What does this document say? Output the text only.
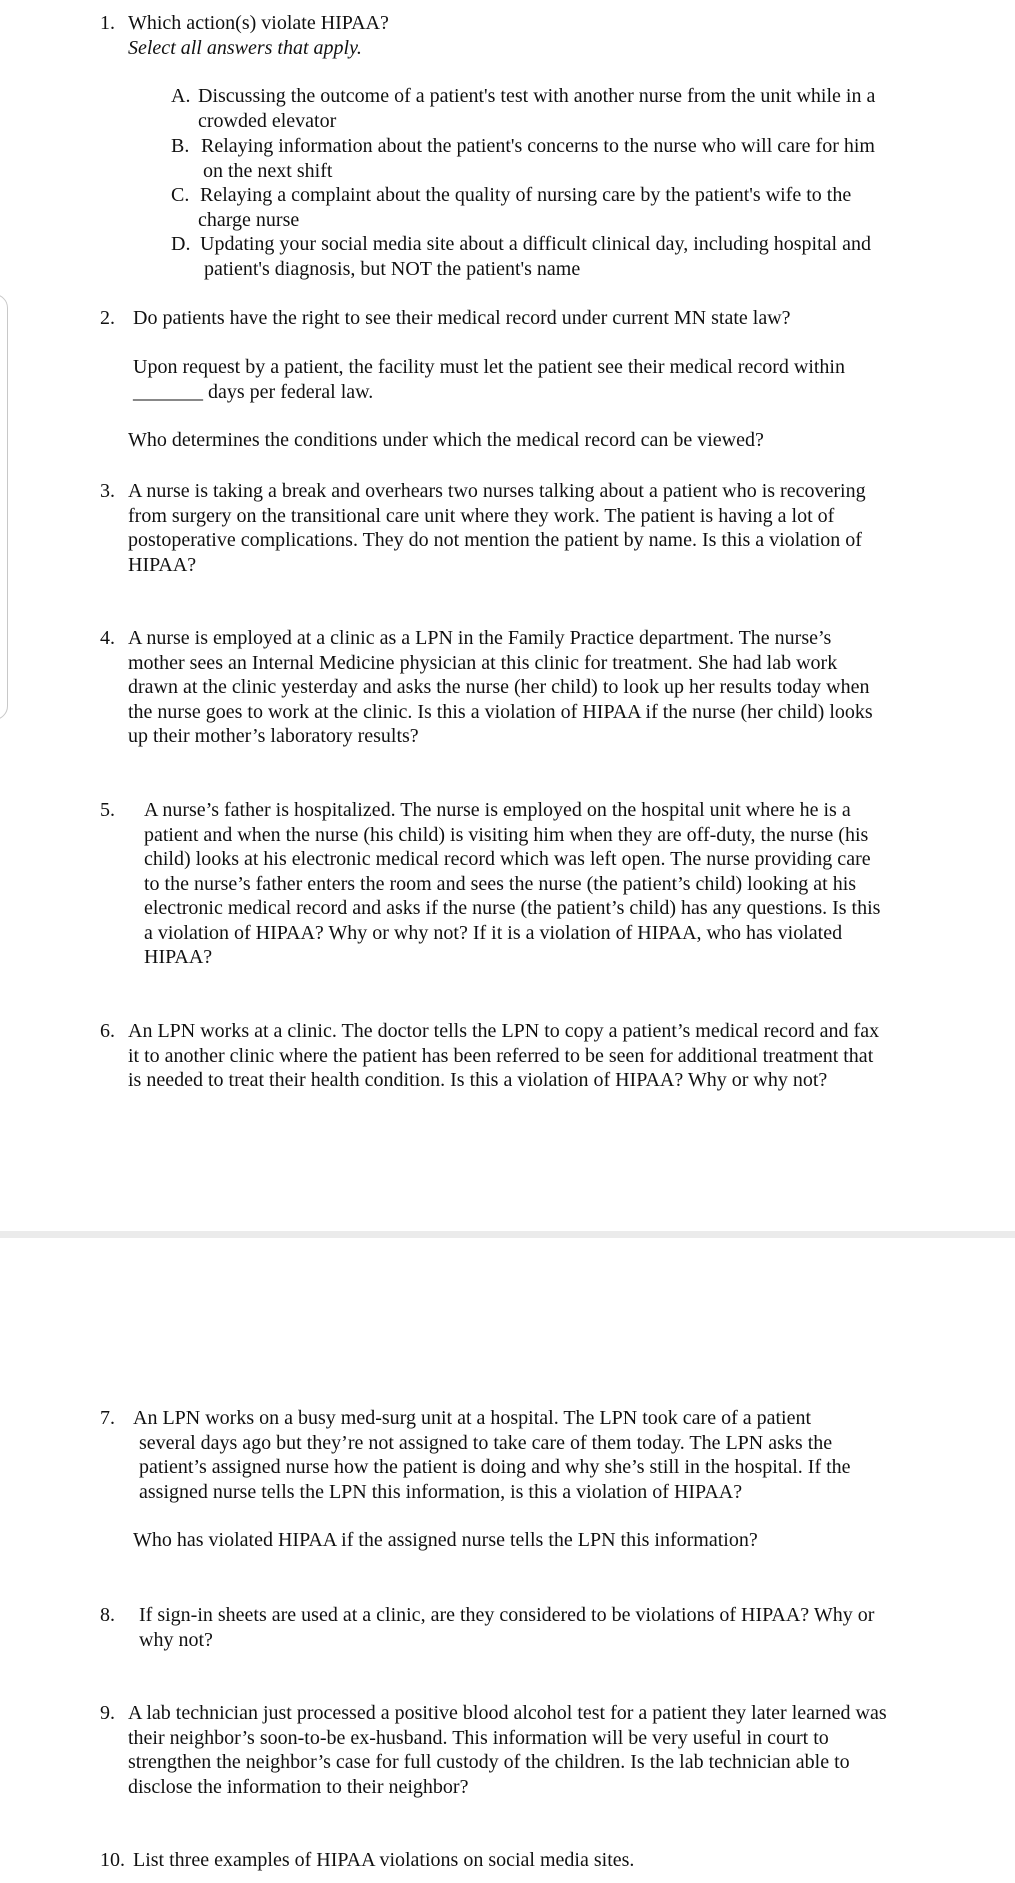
1. Which action(s) violate HIPAA?
Select all answers that apply.
A. Discussing the outcome of a patient's test with another nurse from the unit while in a
crowded elevator
B. Relaying information about the patient's concerns to the nurse who will care for him
on the next shift
C. Relaying a complaint about the quality of nursing care by the patient's wife to the
charge nurse
D. Updating your social media site about a difficult clinical day, including hospital and
patient's diagnosis, but NOT the patient's name
2. Do patients have the right to see their medical record under current MN state law?
Upon request by a patient, the facility must let the patient see their medical record within
_______ days per federal law.
Who determines the conditions under which the medical record can be viewed?
3. A nurse is taking a break and overhears two nurses talking about a patient who is recovering
from surgery on the transitional care unit where they work. The patient is having a lot of
postoperative complications. They do not mention the patient by name. Is this a violation of
HIPAA?
4. A nurse is employed at a clinic as a LPN in the Family Practice department. The nurse’s
mother sees an Internal Medicine physician at this clinic for treatment. She had lab work
drawn at the clinic yesterday and asks the nurse (her child) to look up her results today when
the nurse goes to work at the clinic. Is this a violation of HIPAA if the nurse (her child) looks
up their mother’s laboratory results?
5. A nurse’s father is hospitalized. The nurse is employed on the hospital unit where he is a
patient and when the nurse (his child) is visiting him when they are off-duty, the nurse (his
child) looks at his electronic medical record which was left open. The nurse providing care
to the nurse’s father enters the room and sees the nurse (the patient’s child) looking at his
electronic medical record and asks if the nurse (the patient’s child) has any questions. Is this
a violation of HIPAA? Why or why not? If it is a violation of HIPAA, who has violated
HIPAA?
6. An LPN works at a clinic. The doctor tells the LPN to copy a patient’s medical record and fax
it to another clinic where the patient has been referred to be seen for additional treatment that
is needed to treat their health condition. Is this a violation of HIPAA? Why or why not?
7. An LPN works on a busy med-surg unit at a hospital. The LPN took care of a patient
several days ago but they’re not assigned to take care of them today. The LPN asks the
patient’s assigned nurse how the patient is doing and why she’s still in the hospital. If the
assigned nurse tells the LPN this information, is this a violation of HIPAA?
Who has violated HIPAA if the assigned nurse tells the LPN this information?
8. If sign-in sheets are used at a clinic, are they considered to be violations of HIPAA? Why or
why not?
9. A lab technician just processed a positive blood alcohol test for a patient they later learned was
their neighbor’s soon-to-be ex-husband. This information will be very useful in court to
strengthen the neighbor’s case for full custody of the children. Is the lab technician able to
disclose the information to their neighbor?
10. List three examples of HIPAA violations on social media sites.
